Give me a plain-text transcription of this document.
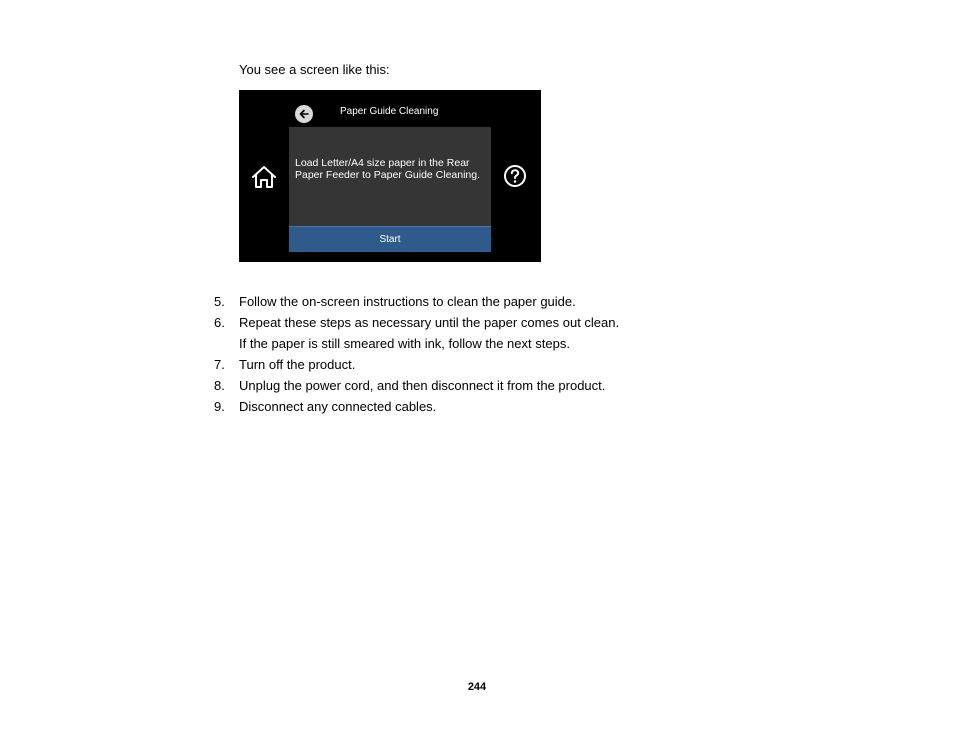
You see a screen like this:
Paper Guide Cleaning
Load Letter/A4 size paper in the Rear Paper Feeder to Paper Guide Cleaning.
Start
5.	Follow the on-screen instructions to clean the paper guide.
6.	Repeat these steps as necessary until the paper comes out clean.
If the paper is still smeared with ink, follow the next steps.
7.	Turn off the product.
8.	Unplug the power cord, and then disconnect it from the product.
9.	Disconnect any connected cables.
244
